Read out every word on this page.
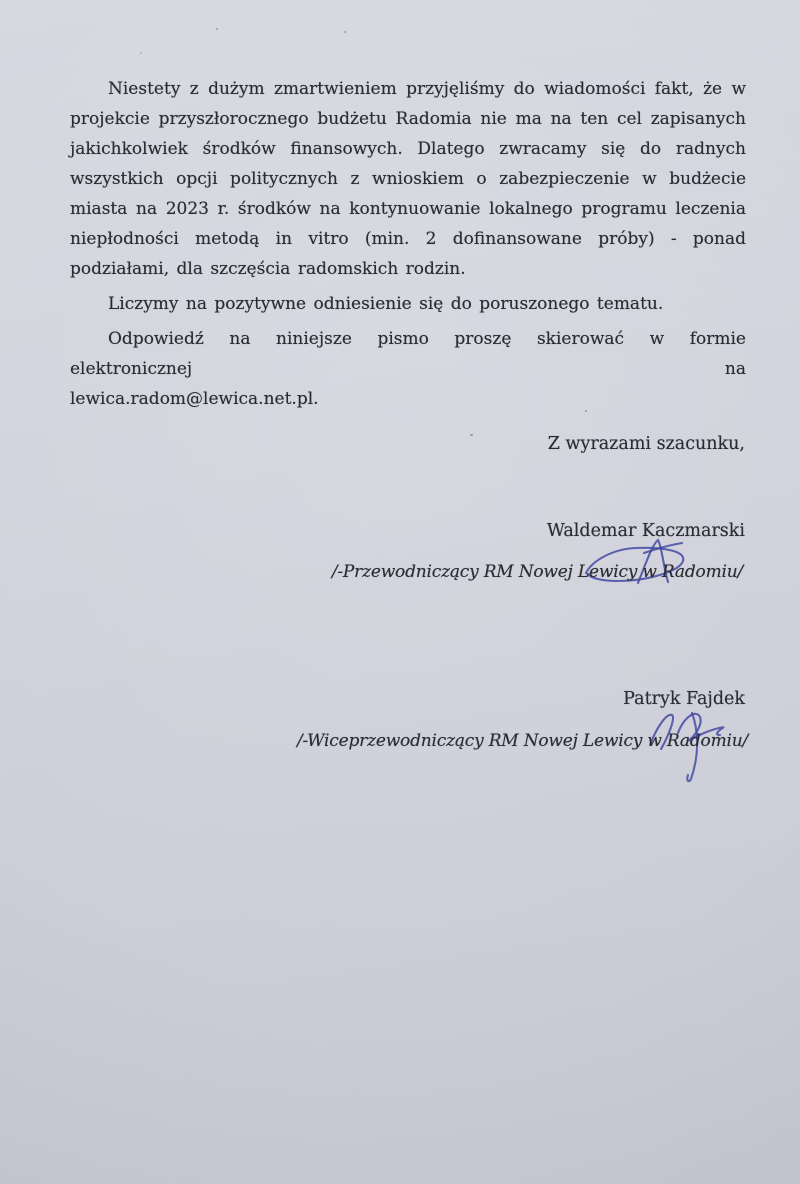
Niestety z dużym zmartwieniem przyjęliśmy do wiadomości fakt, że w projekcie przyszłorocznego budżetu Radomia nie ma na ten cel zapisanych jakichkolwiek środków finansowych. Dlatego zwracamy się do radnych wszystkich opcji politycznych z wnioskiem o zabezpieczenie w budżecie miasta na 2023 r. środków na kontynuowanie lokalnego programu leczenia niepłodności metodą in vitro (min. 2 dofinansowane próby) - ponad podziałami, dla szczęścia radomskich rodzin.

Liczymy na pozytywne odniesienie się do poruszonego tematu.

Odpowiedź na niniejsze pismo proszę skierować w formie elektronicznej na

lewica.radom@lewica.net.pl.

Z wyrazami szacunku,
Waldemar Kaczmarski
/-Przewodniczący RM Nowej Lewicy w Radomiu/
Patryk Fajdek
/-Wiceprzewodniczący RM Nowej Lewicy w Radomiu/
